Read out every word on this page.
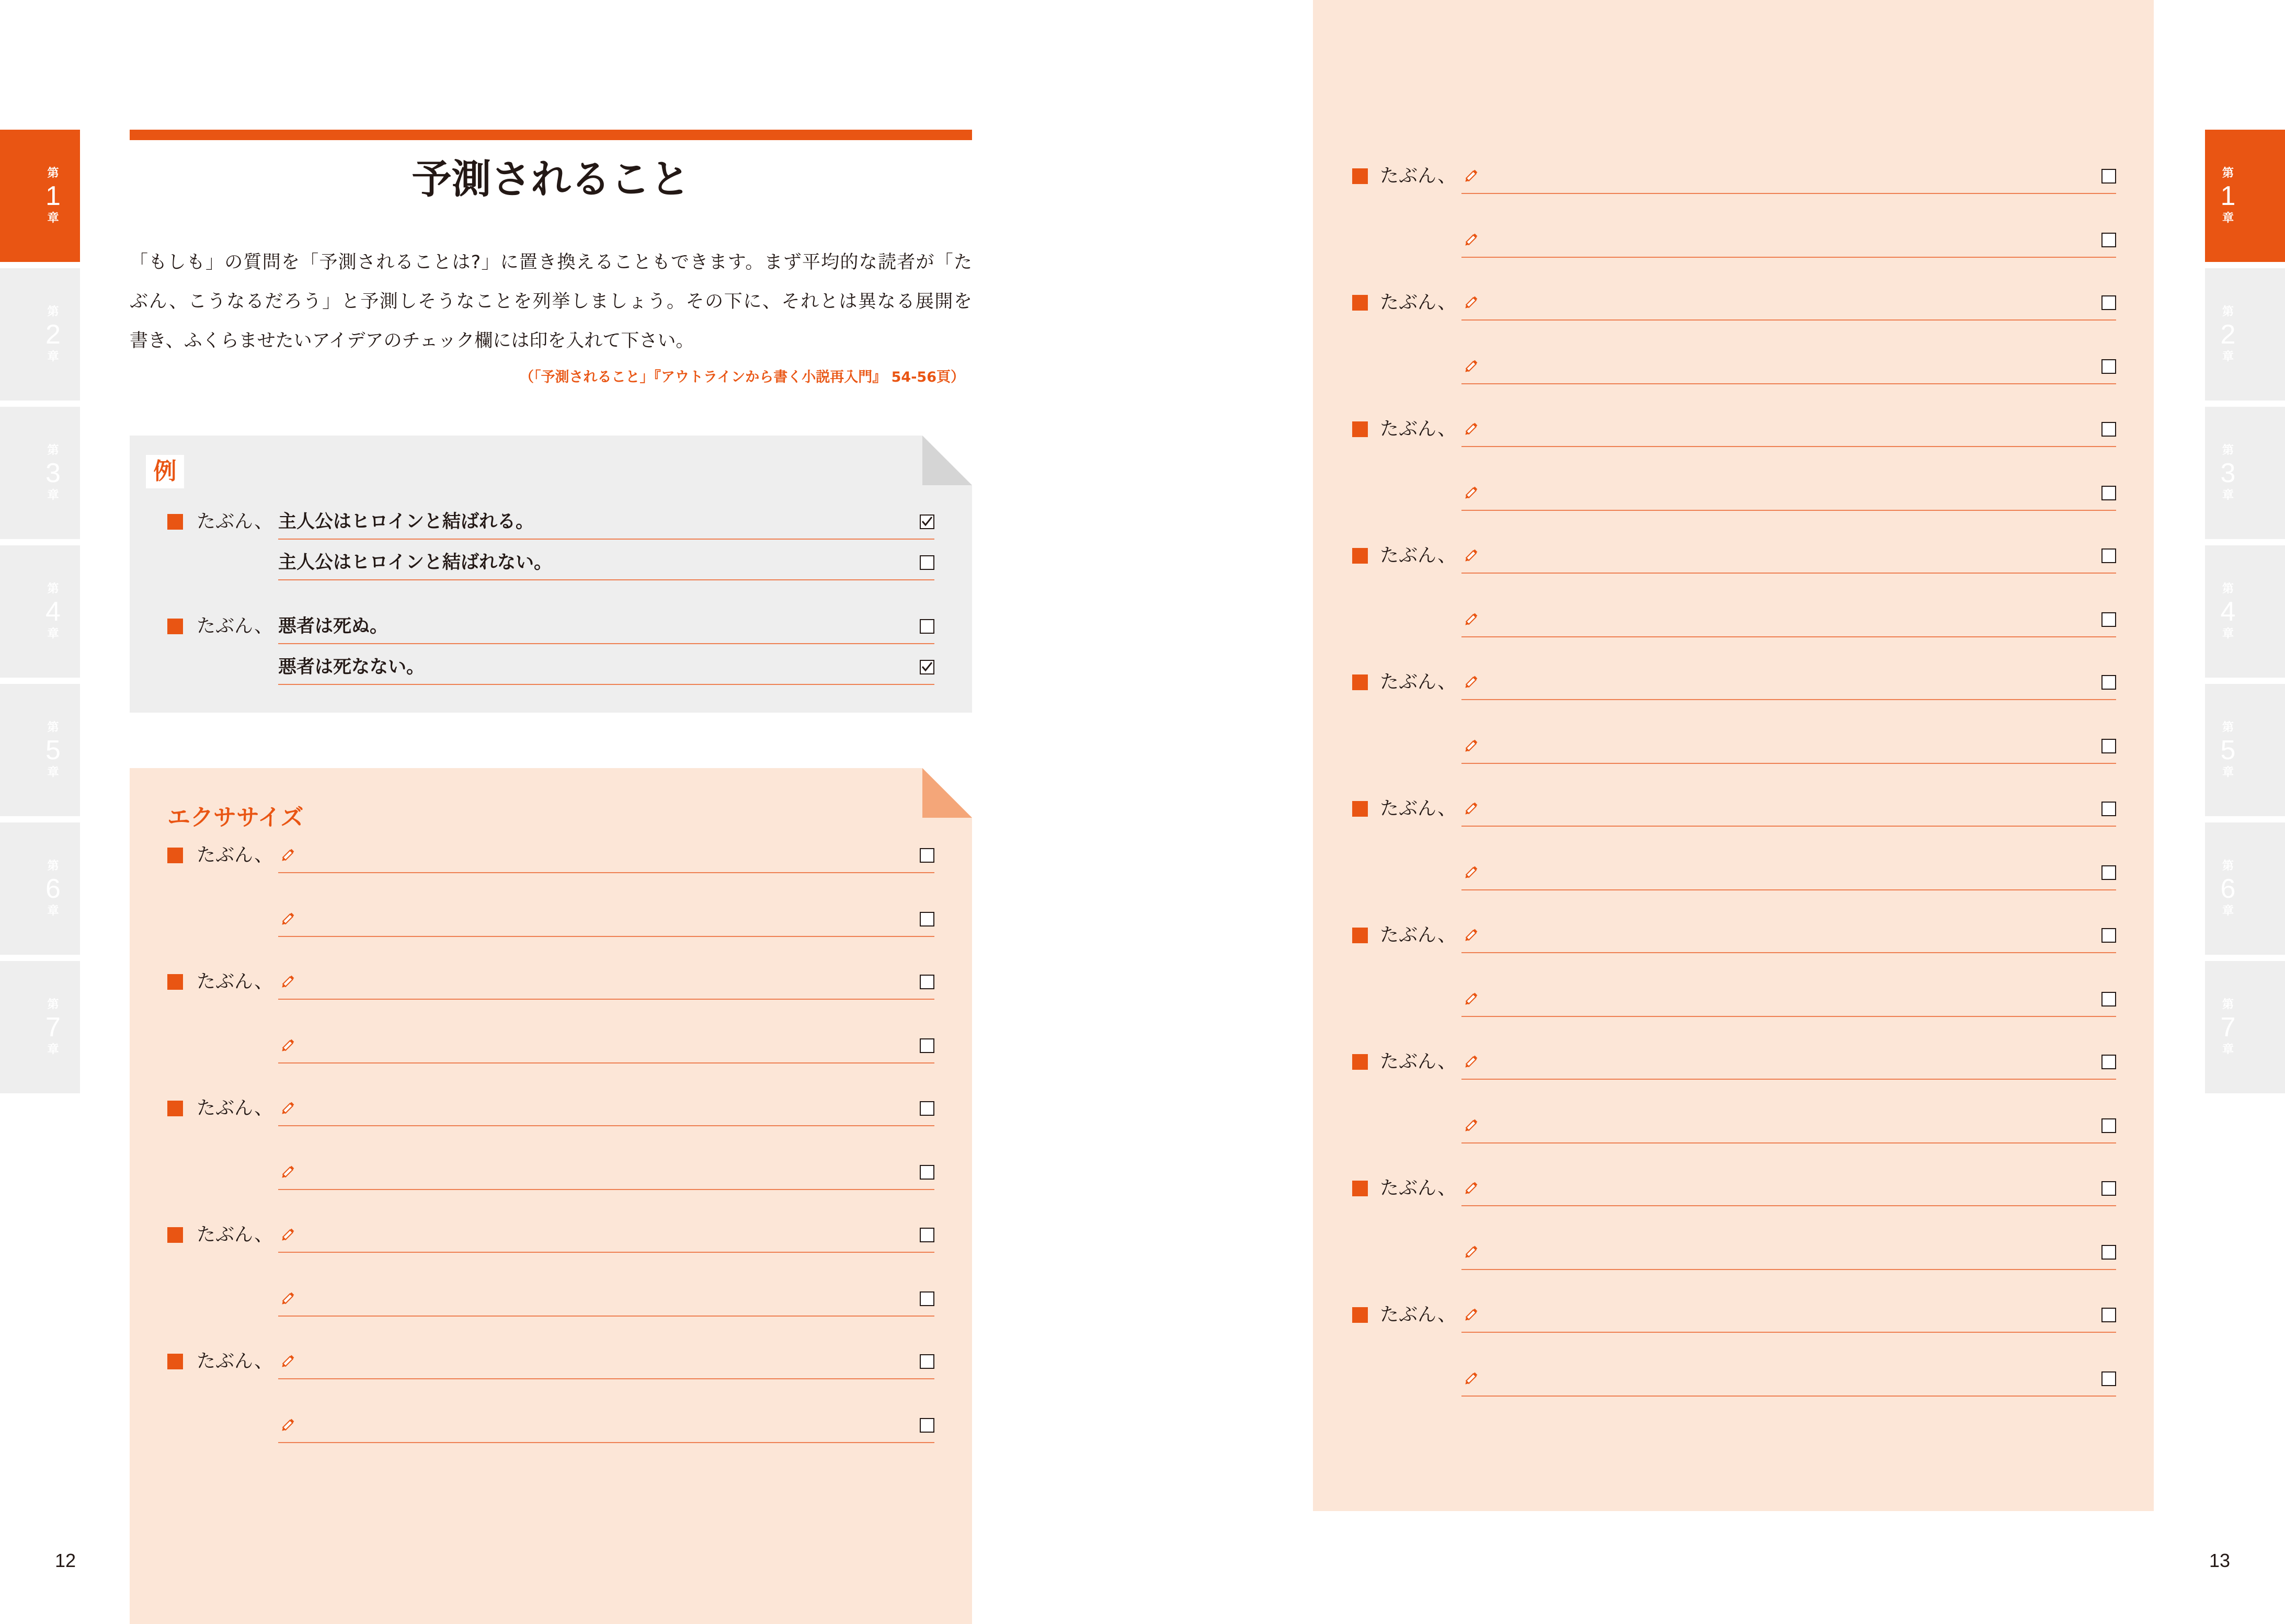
第
1
章
第
2
章
第
3
章
第
4
章
第
5
章
第
6
章
第
7
章
予測されること
「もしも」の質問を「予測されることは?」に置き換えることもできます。まず平均的な読者が「た
ぶん、こうなるだろう」と予測しそうなことを列挙しましょう。その下に、それとは異なる展開を
書き、ふくらませたいアイデアのチェック欄には印を入れて下さい。
（「予測されること」『アウトラインから書く小説再入門』 54-56頁）
例
たぶん、 主人公はヒロインと結ばれる。
主人公はヒロインと結ばれない。
たぶん、 悪者は死ぬ。
悪者は死なない。
エクササイズ
たぶん、
たぶん、
たぶん、
たぶん、
たぶん、
12
たぶん、
たぶん、
たぶん、
たぶん、
たぶん、
たぶん、
たぶん、
たぶん、
たぶん、
たぶん、
第
1
章
第
2
章
第
3
章
第
4
章
第
5
章
第
6
章
第
7
章
13
